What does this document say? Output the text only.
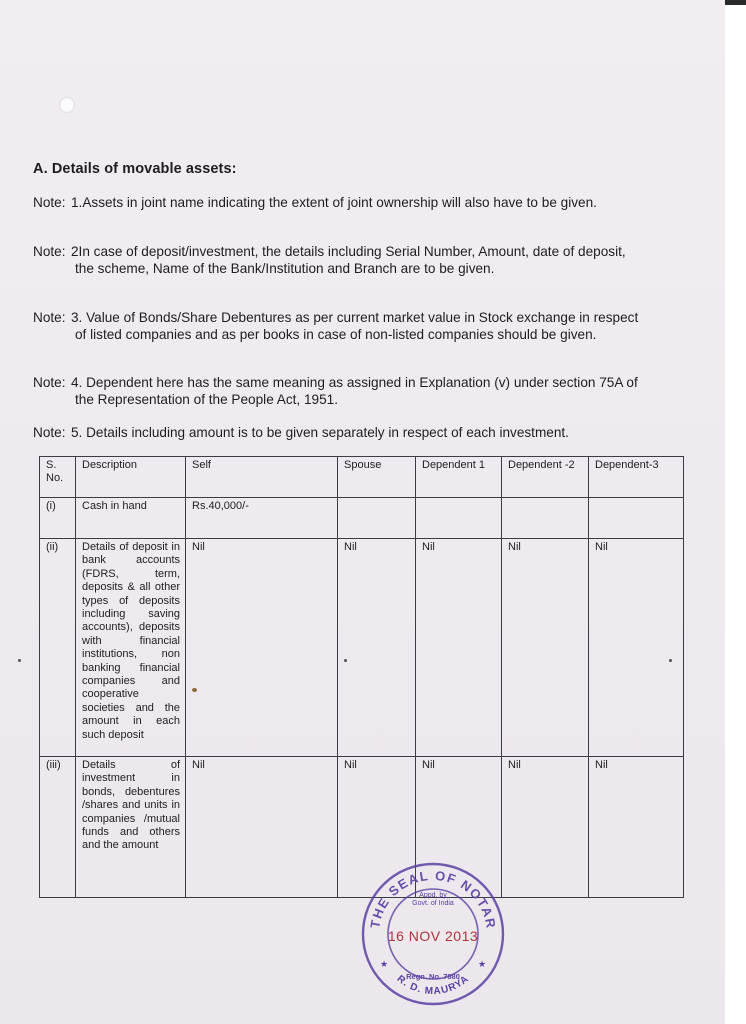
A. Details of movable assets:
Note: 1.Assets in joint name indicating the extent of joint ownership will also have to be given.
Note: 2In case of deposit/investment, the details including Serial Number, Amount, date of deposit,
the scheme, Name of the Bank/Institution and Branch are to be given.
Note: 3. Value of Bonds/Share Debentures as per current market value in Stock exchange in respect
of listed companies and as per books in case of non-listed companies should be given.
Note: 4. Dependent here has the same meaning as assigned in Explanation (v) under section 75A of
the Representation of the People Act, 1951.
Note: 5. Details including amount is to be given separately in respect of each investment.
S. No.	Description	Self	Spouse	Dependent 1	Dependent -2	Dependent-3
(i)	Cash in hand	Rs.40,000/-				
(ii)	Details of deposit in bank accounts (FDRS, term, deposits & all other types of deposits including saving accounts), deposits with financial institutions, non banking financial companies and cooperative societies and the amount in each such deposit	Nil	Nil	Nil	Nil	Nil
(iii)	Details of investment in bonds, debentures /shares and units in companies /mutual funds and others and the amount	Nil	Nil	Nil	Nil	Nil
THE SEAL OF NOTAR
Appd. by
Govt. of India
16 NOV 2013
Regn. No. 7880
R. D. MAURYA
★	★
